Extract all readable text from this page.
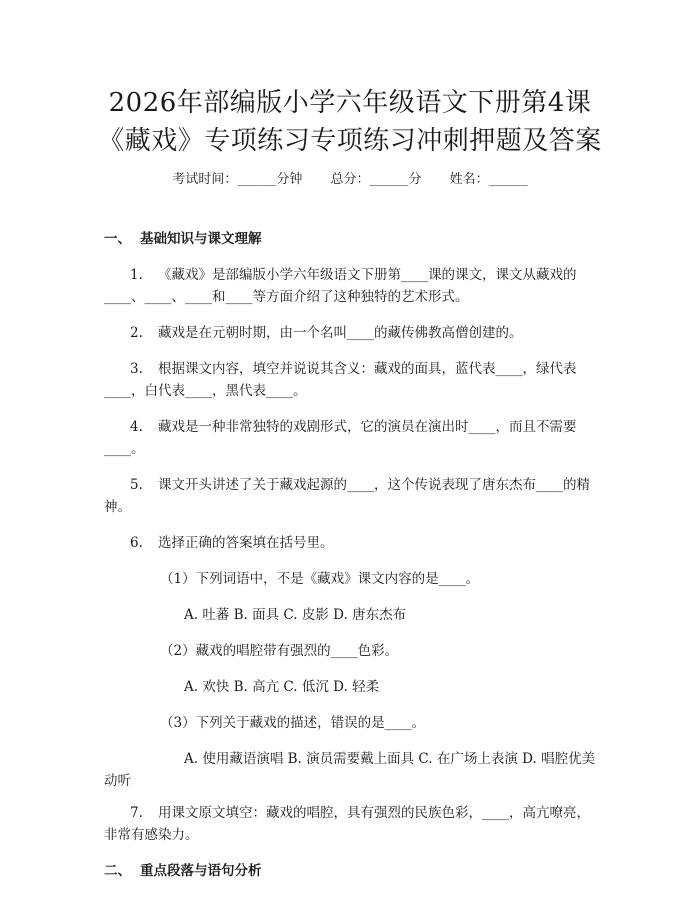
2026年部编版小学六年级语文下册第4课
《藏戏》专项练习专项练习冲刺押题及答案
考试时间：______分钟 总分：______分 姓名：______
一、 基础知识与课文理解

1. 《藏戏》是部编版小学六年级语文下册第____课的课文，课文从藏戏的____、____、____和____等方面介绍了这种独特的艺术形式。

2. 藏戏是在元朝时期，由一个名叫____的藏传佛教高僧创建的。

3. 根据课文内容，填空并说说其含义：藏戏的面具，蓝代表____，绿代表____，白代表____，黑代表____。

4. 藏戏是一种非常独特的戏剧形式，它的演员在演出时____，而且不需要____。

5. 课文开头讲述了关于藏戏起源的____，这个传说表现了唐东杰布____的精神。

6. 选择正确的答案填在括号里。

（1）下列词语中，不是《藏戏》课文内容的是____。

A. 吐蕃 B. 面具 C. 皮影 D. 唐东杰布

（2）藏戏的唱腔带有强烈的____色彩。

A. 欢快 B. 高亢 C. 低沉 D. 轻柔

（3）下列关于藏戏的描述，错误的是____。

A. 使用藏语演唱 B. 演员需要戴上面具 C. 在广场上表演 D. 唱腔优美动听

7. 用课文原文填空：藏戏的唱腔，具有强烈的民族色彩，____，高亢嘹亮，非常有感染力。

二、 重点段落与语句分析
